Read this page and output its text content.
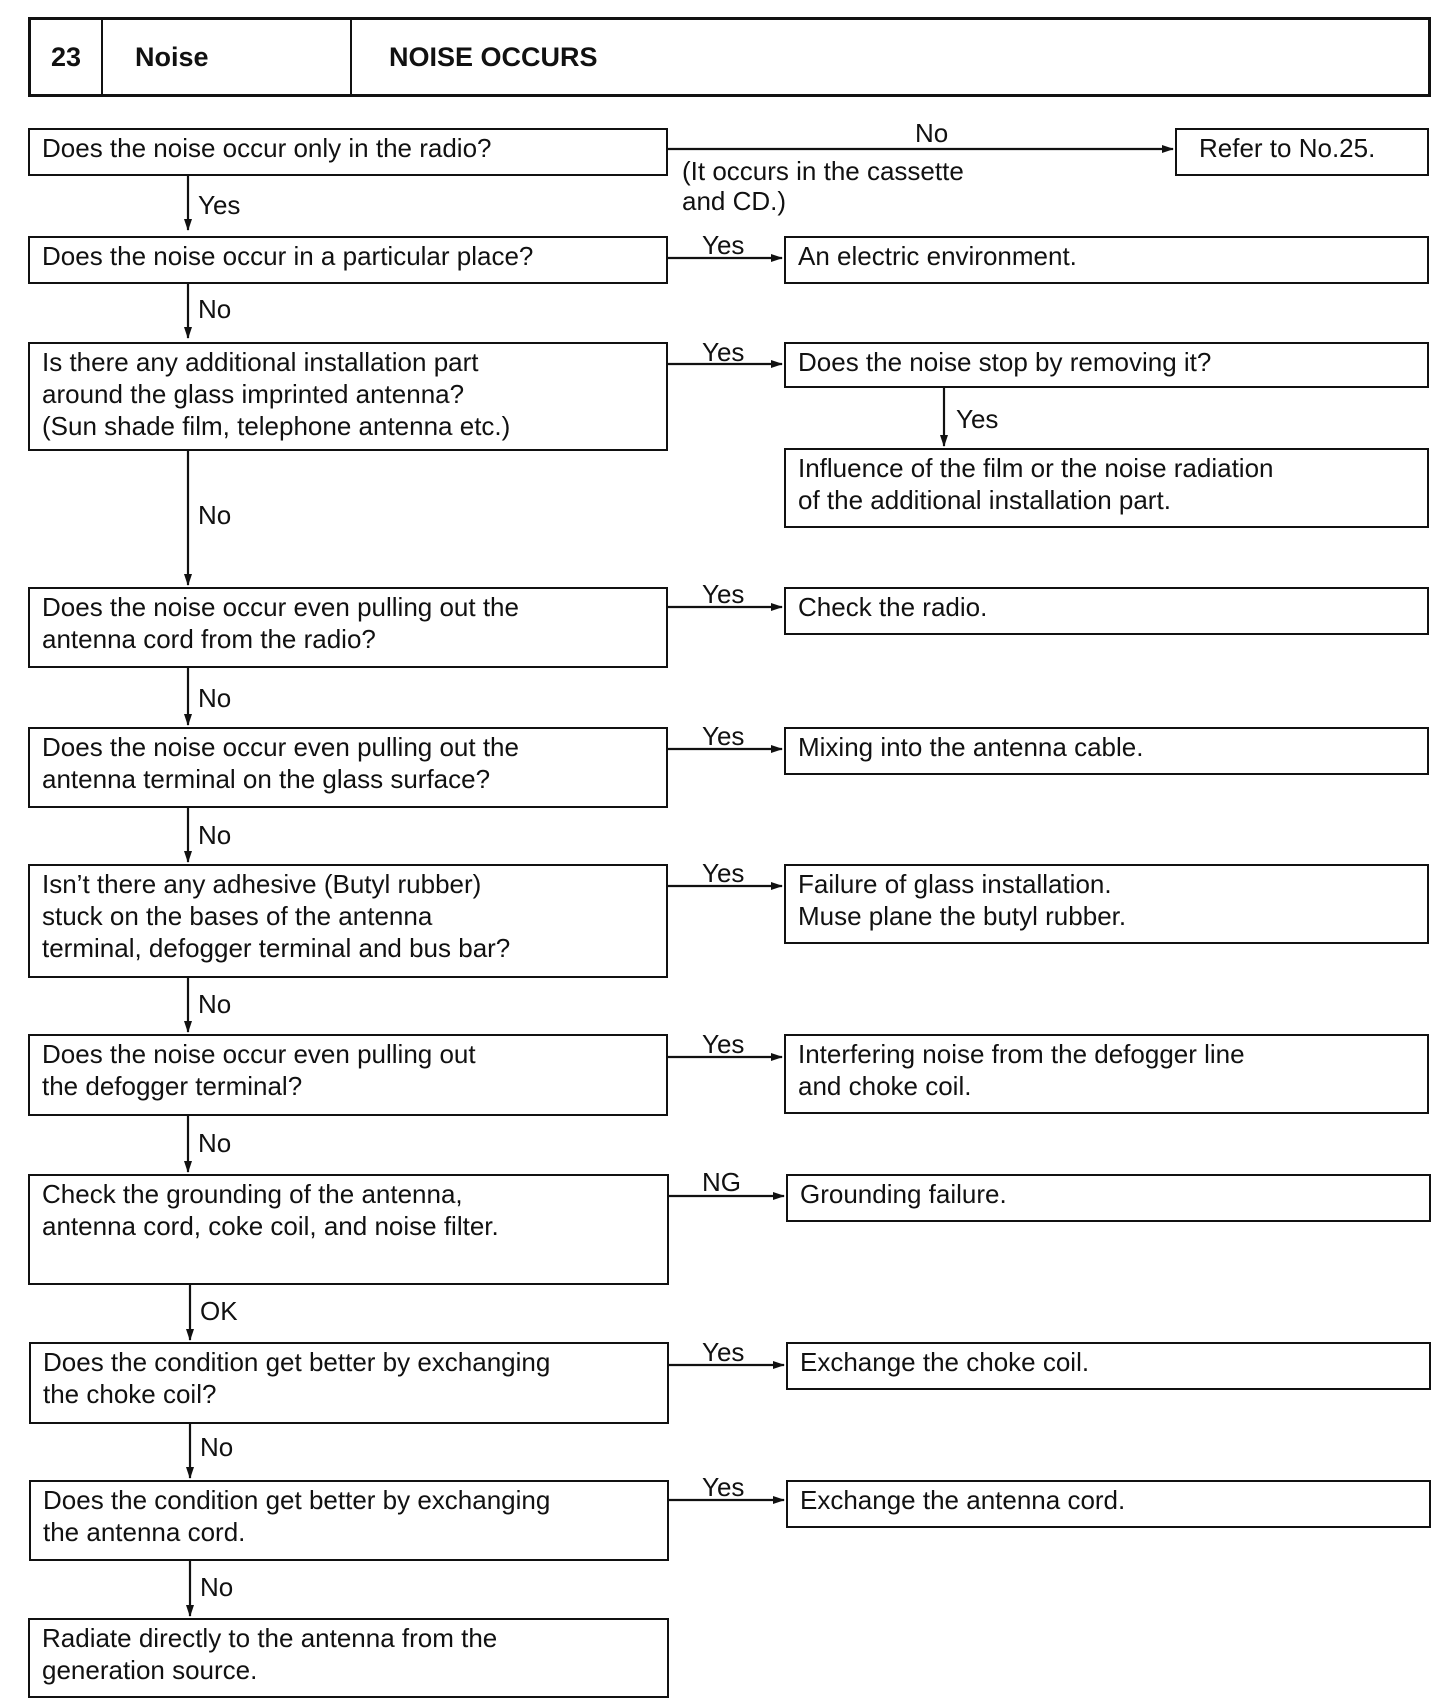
23 Noise	NOISE OCCURS
Does the noise occur only in the radio?
Does the noise occur in a particular place?
Is there any additional installation part
around the glass imprinted antenna?
(Sun shade film, telephone antenna etc.)
Does the noise occur even pulling out the
antenna cord from the radio?
Does the noise occur even pulling out the
antenna terminal on the glass surface?
Isn’t there any adhesive (Butyl rubber)
stuck on the bases of the antenna
terminal, defogger terminal and bus bar?
Does the noise occur even pulling out
the defogger terminal?
Check the grounding of the antenna,
antenna cord, coke coil, and noise filter.
Does the condition get better by exchanging
the choke coil?
Does the condition get better by exchanging
the antenna cord.
Radiate directly to the antenna from the
generation source.
Refer to No.25.
An electric environment.
Does the noise stop by removing it?
Influence of the film or the noise radiation
of the additional installation part.
Check the radio.
Mixing into the antenna cable.
Failure of glass installation.
Muse plane the butyl rubber.
Interfering noise from the defogger line
and choke coil.
Grounding failure.
Exchange the choke coil.
Exchange the antenna cord.
No
(It occurs in the cassette
and CD.)
Yes
Yes
Yes
Yes
Yes
Yes
NG
Yes
Yes
Yes
No
No
No
No
No
No
OK
No
No
Yes
